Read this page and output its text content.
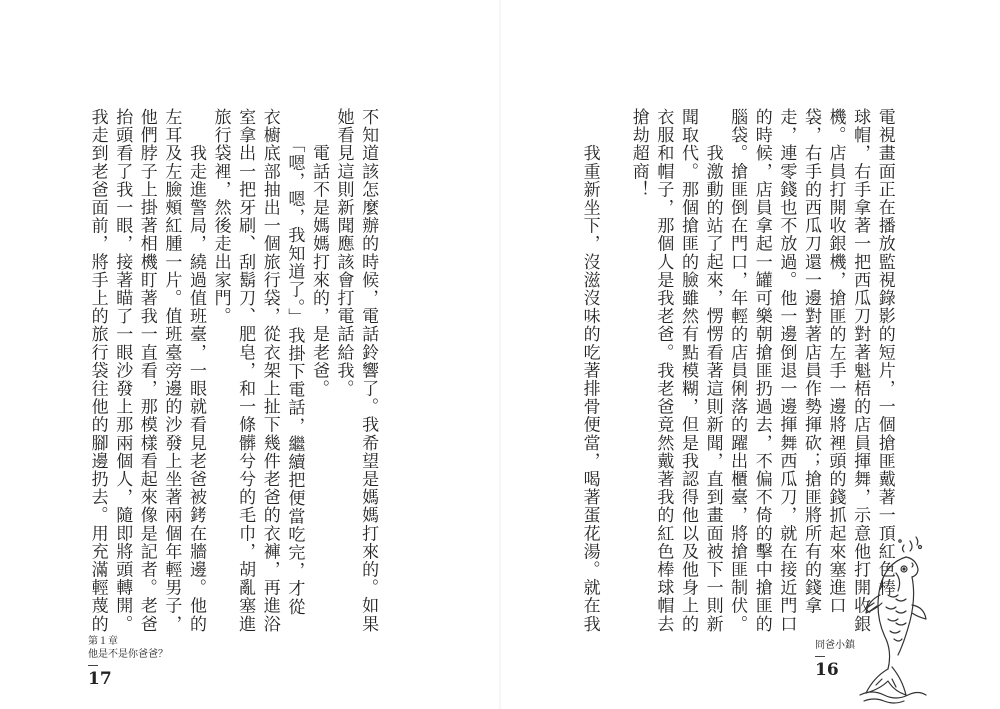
電視畫面正在播放監視錄影的短片，一個搶匪戴著一頂紅色棒
球帽，右手拿著一把西瓜刀對著魁梧的店員揮舞，示意他打開收銀
機。店員打開收銀機，搶匪的左手一邊將裡頭的錢抓起來塞進口
袋，右手的西瓜刀還一邊對著店員作勢揮砍；搶匪將所有的錢拿
走，連零錢也不放過。他一邊倒退一邊揮舞西瓜刀，就在接近門口
的時候，店員拿起一罐可樂朝搶匪扔過去，不偏不倚的擊中搶匪的
腦袋。搶匪倒在門口，年輕的店員俐落的躍出櫃臺，將搶匪制伏。
　　我激動的站了起來，愣愣看著這則新聞，直到畫面被下一則新
聞取代。那個搶匪的臉雖然有點模糊，但是我認得他以及他身上的
衣服和帽子，那個人是我老爸。我老爸竟然戴著我的紅色棒球帽去
搶劫超商！

　　我重新坐下，沒滋沒味的吃著排骨便當，喝著蛋花湯。就在我
不知道該怎麼辦的時候，電話鈴響了。我希望是媽媽打來的。如果
她看見這則新聞應該會打電話給我。
　　電話不是媽媽打來的，是老爸。
　　「嗯，嗯，我知道了。」我掛下電話，繼續把便當吃完，才從
衣櫥底部抽出一個旅行袋，從衣架上扯下幾件老爸的衣褲，再進浴
室拿出一把牙刷、刮鬍刀、肥皂，和一條髒兮兮的毛巾，胡亂塞進
旅行袋裡，然後走出家門。
　　我走進警局，繞過值班臺，一眼就看見老爸被銬在牆邊。他的
左耳及左臉頰紅腫一片。值班臺旁邊的沙發上坐著兩個年輕男子，
他們脖子上掛著相機盯著我一直看，那模樣看起來像是記者。老爸
抬頭看了我一眼，接著瞄了一眼沙發上那兩個人，隨即將頭轉開。
我走到老爸面前，將手上的旅行袋往他的腳邊扔去。用充滿輕蔑的
第１章
他是不是你爸爸？
17
冏爸小鎮
16
